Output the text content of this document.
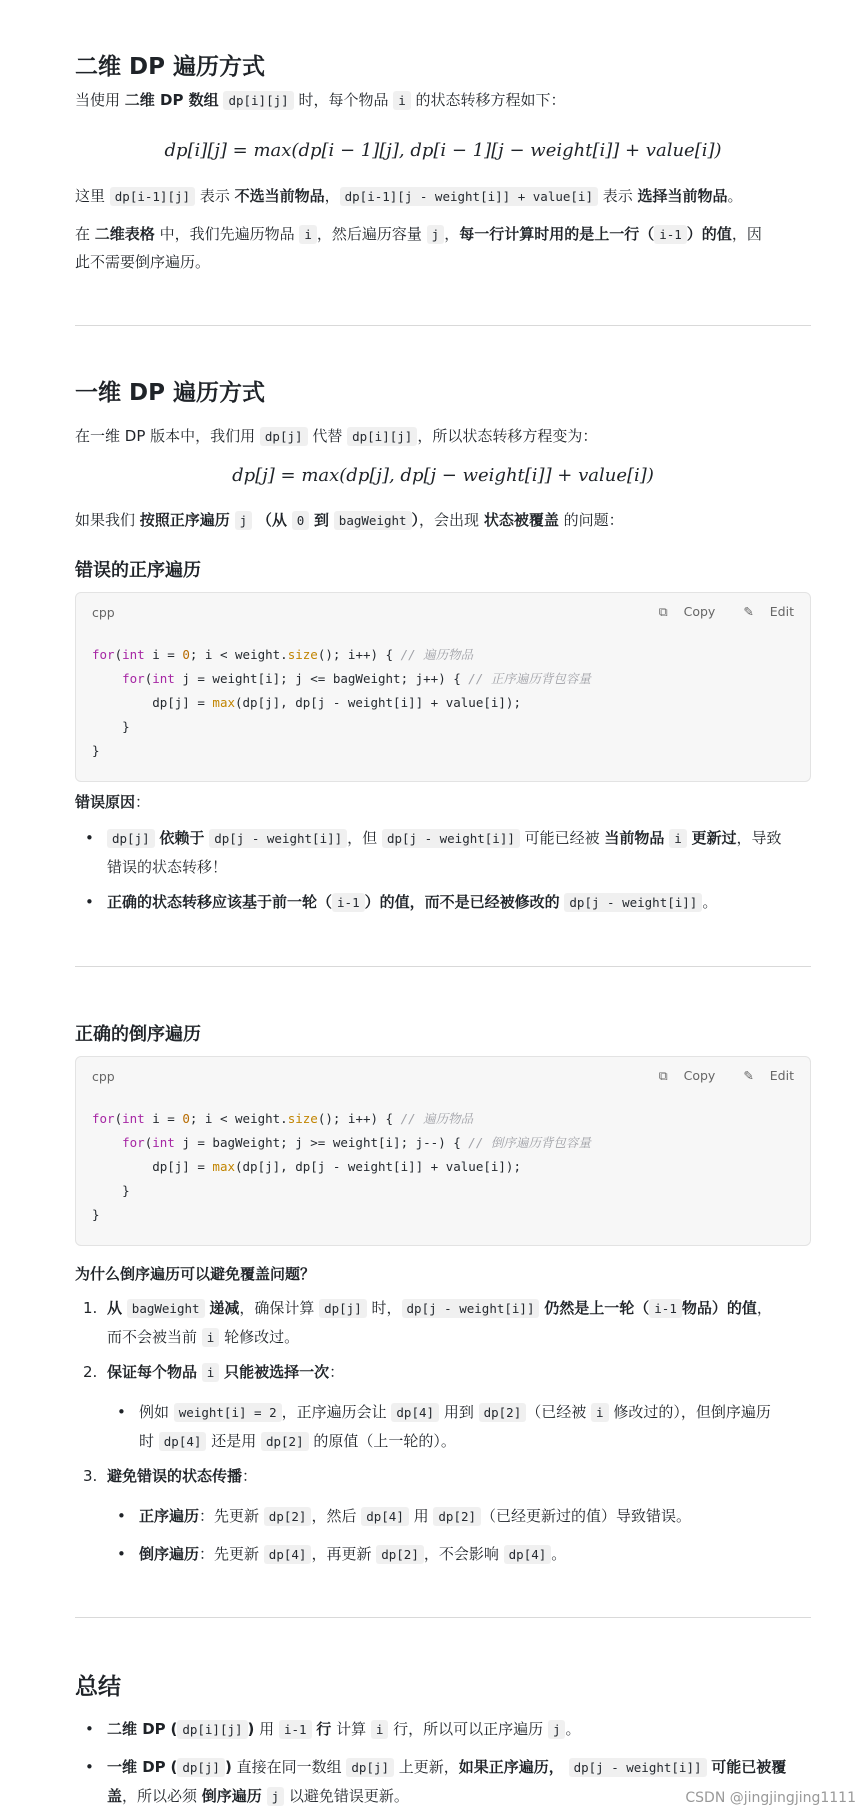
二维 DP 遍历方式
当使用 二维 DP 数组 dp[i][j] 时，每个物品 i 的状态转移方程如下：
dp[i][j] = max(dp[i − 1][j], dp[i − 1][j − weight[i]] + value[i])
这里 dp[i-1][j] 表示 不选当前物品， dp[i-1][j - weight[i]] + value[i] 表示 选择当前物品。
在 二维表格 中，我们先遍历物品 i ，然后遍历容量 j ，每一行计算时用的是上一行（ i-1 ）的值，因
此不需要倒序遍历。
一维 DP 遍历方式
在一维 DP 版本中，我们用 dp[j] 代替 dp[i][j] ，所以状态转移方程变为：
dp[j] = max(dp[j], dp[j − weight[i]] + value[i])
如果我们 按照正序遍历 j （从 0 到 bagWeight ），会出现 状态被覆盖 的问题：
错误的正序遍历
cpp	⧉ Copy ✎ Edit
for(int i = 0; i < weight.size(); i++) { // 遍历物品
for(int j = weight[i]; j <= bagWeight; j++) { // 正序遍历背包容量
dp[j] = max(dp[j], dp[j - weight[i]] + value[i]);
}
}
错误原因：
•	dp[j] 依赖于 dp[j - weight[i]] ，但 dp[j - weight[i]] 可能已经被 当前物品 i 更新过，导致
错误的状态转移！
• 正确的状态转移应该基于前一轮（ i-1 ）的值，而不是已经被修改的 dp[j - weight[i]] 。
正确的倒序遍历
cpp	⧉ Copy ✎ Edit
for(int i = 0; i < weight.size(); i++) { // 遍历物品
for(int j = bagWeight; j >= weight[i]; j--) { // 倒序遍历背包容量
dp[j] = max(dp[j], dp[j - weight[i]] + value[i]);
}
}
为什么倒序遍历可以避免覆盖问题？
1. 从 bagWeight 递减，确保计算 dp[j] 时， dp[j - weight[i]] 仍然是上一轮（ i-1 物品）的值，
而不会被当前 i 轮修改过。
2. 保证每个物品 i 只能被选择一次：
• 例如 weight[i] = 2 ，正序遍历会让 dp[4] 用到 dp[2] （已经被 i 修改过的），但倒序遍历
时 dp[4] 还是用 dp[2] 的原值（上一轮的）。
3. 避免错误的状态传播：
• 正序遍历：先更新 dp[2] ，然后 dp[4] 用 dp[2] （已经更新过的值）导致错误。
• 倒序遍历：先更新 dp[4] ，再更新 dp[2] ，不会影响 dp[4] 。
总结
• 二维 DP ( dp[i][j] ) 用 i-1 行 计算 i 行，所以可以正序遍历 j 。
• 一维 DP ( dp[j] ) 直接在同一数组 dp[j] 上更新，如果正序遍历， dp[j - weight[i]] 可能已被覆
盖，所以必须 倒序遍历 j 以避免错误更新。	CSDN @jingjingjing1111
